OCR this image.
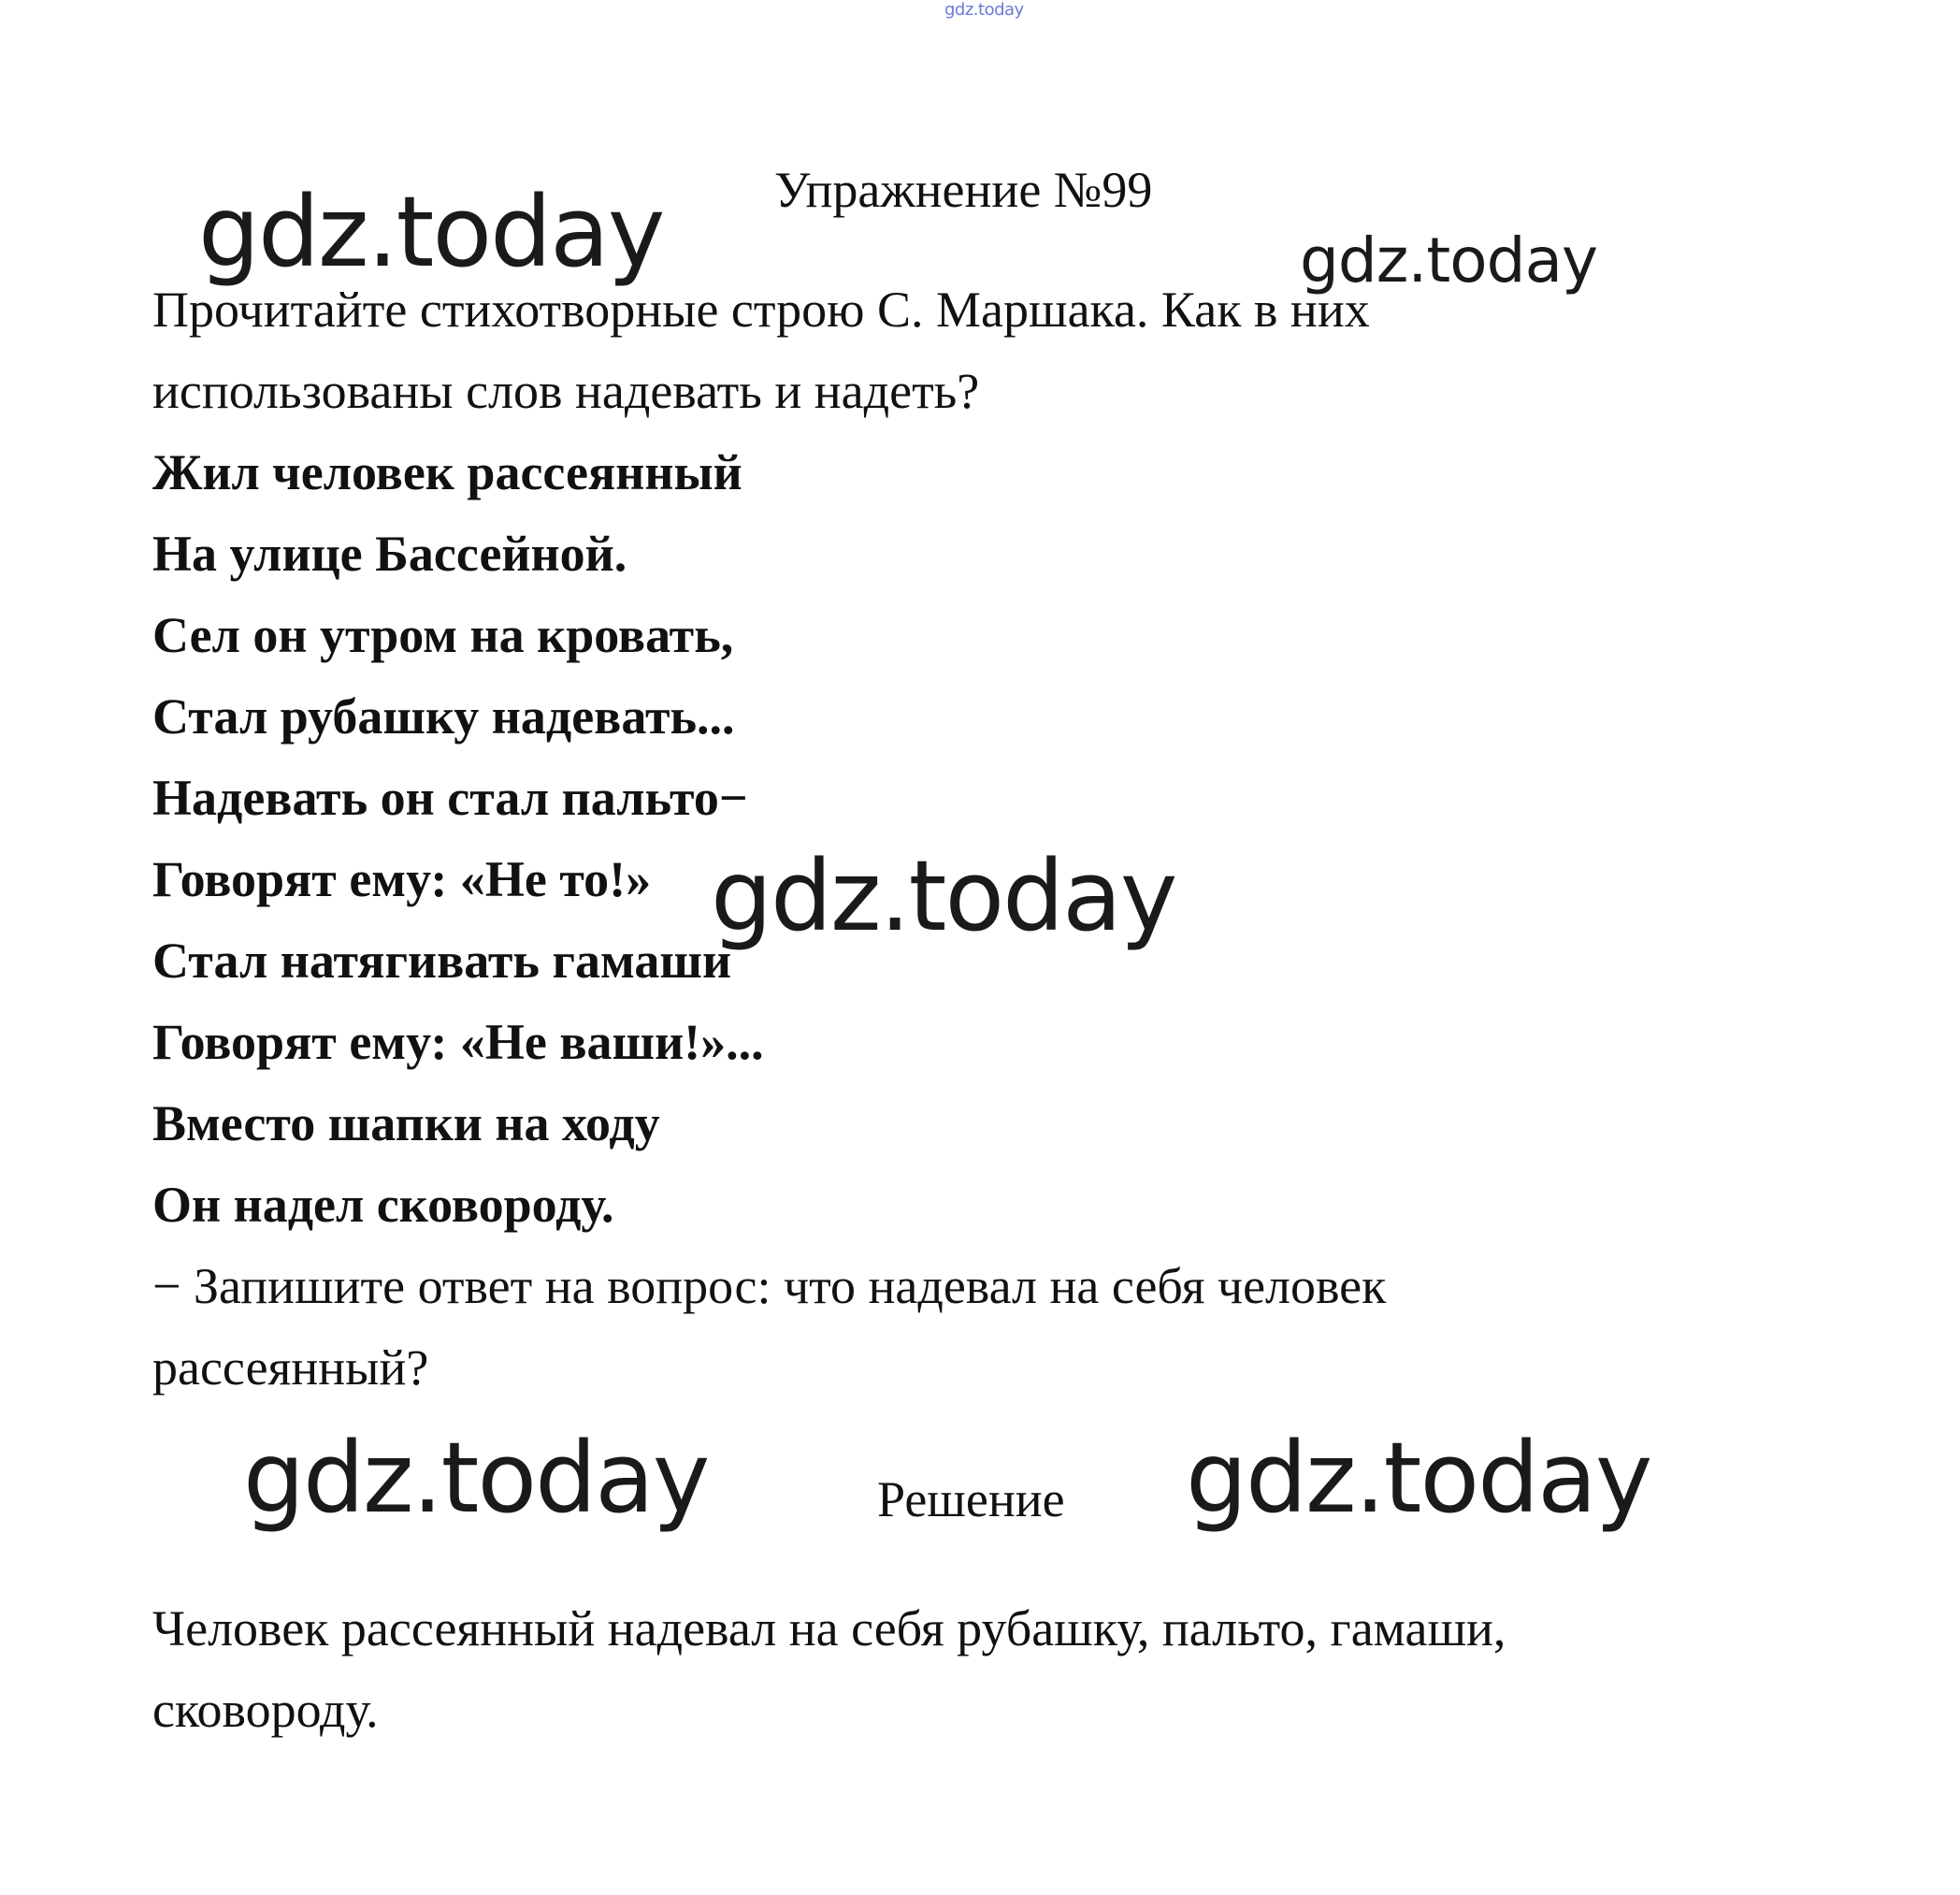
gdz.today
Упражнение №99
Прочитайте стихотворные строю С. Маршака. Как в них
использованы слов надевать и надеть?
Жил человек рассеянный
На улице Бассейной.
Сел он утром на кровать,
Стал рубашку надевать...
Надевать он стал пальто−
Говорят ему: «Не то!»
Стал натягивать гамаши
Говорят ему: «Не ваши!»...
Вместо шапки на ходу
Он надел сковороду.
− Запишите ответ на вопрос: что надевал на себя человек
рассеянный?
Решение
Человек рассеянный надевал на себя рубашку, пальто, гамаши,
сковороду.
gdz.today	gdz.today
gdz.today
gdz.today	gdz.today
